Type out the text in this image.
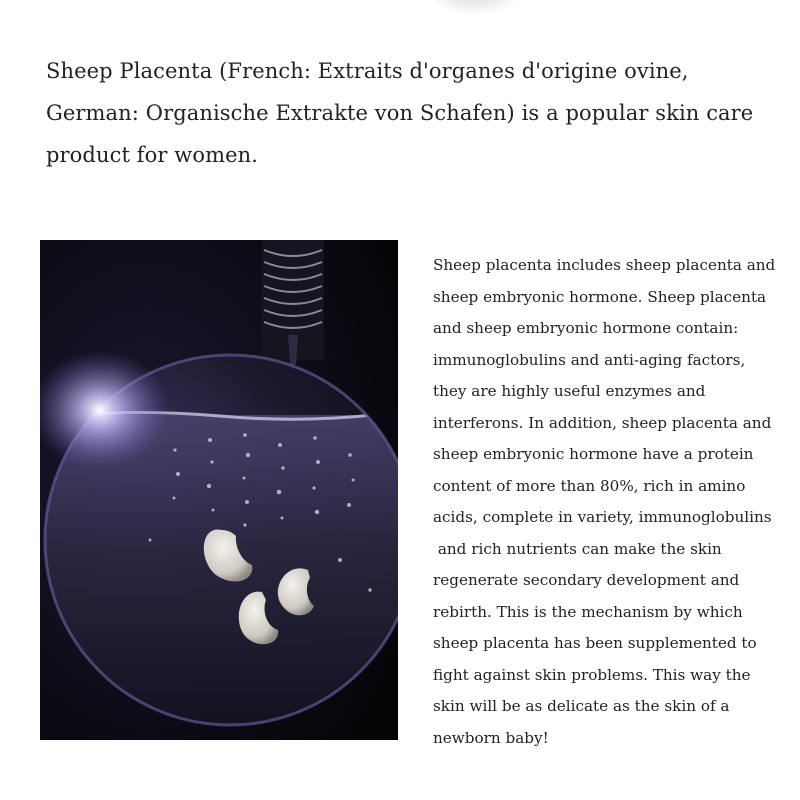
Sheep Placenta (French: Extraits d'organes d'origine ovine,
German: Organische Extrakte von Schafen) is a popular skin care
product for women.

Sheep placenta includes sheep placenta and
sheep embryonic hormone. Sheep placenta
and sheep embryonic hormone contain:
immunoglobulins and anti-aging factors,
they are highly useful enzymes and
interferons. In addition, sheep placenta and
sheep embryonic hormone have a protein
content of more than 80%, rich in amino
acids, complete in variety, immunoglobulins
and rich nutrients can make the skin
regenerate secondary development and
rebirth. This is the mechanism by which
sheep placenta has been supplemented to
fight against skin problems. This way the
skin will be as delicate as the skin of a
newborn baby!
